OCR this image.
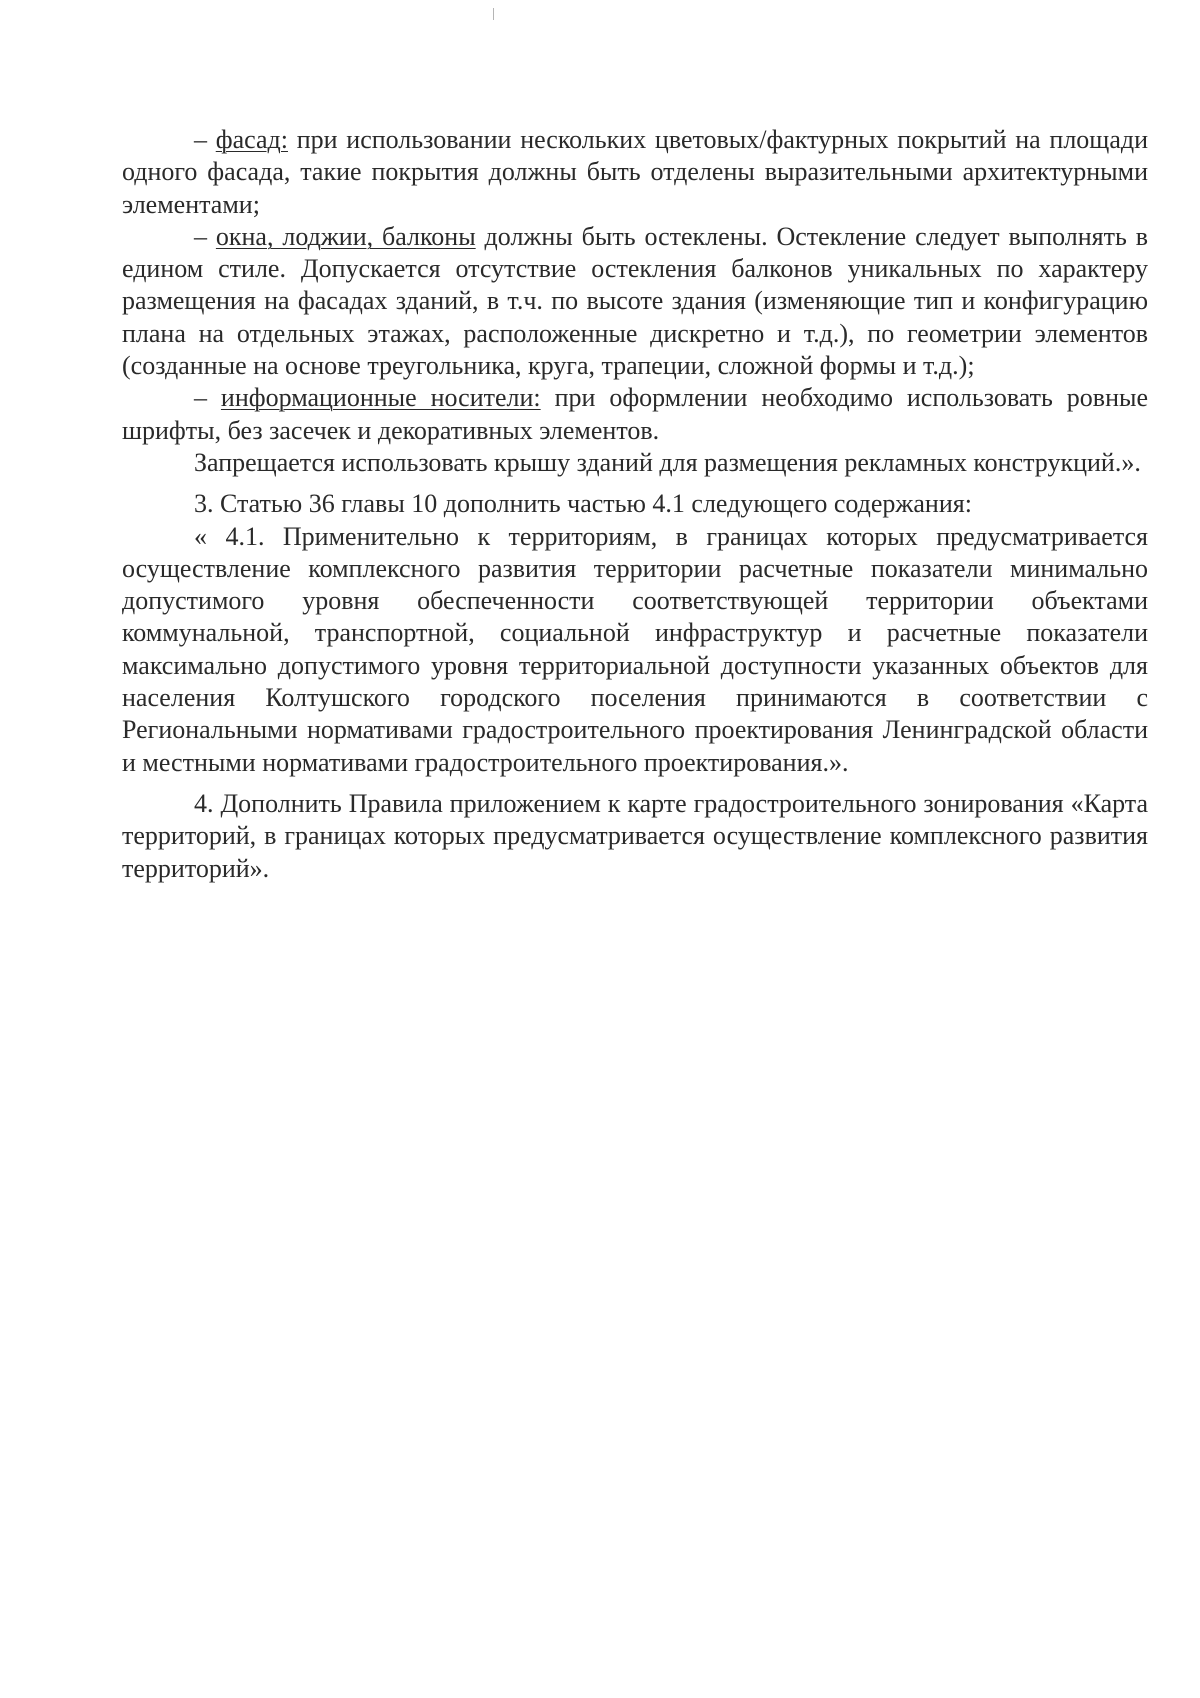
– фасад: при использовании нескольких цветовых/фактурных покрытий на площади одного фасада, такие покрытия должны быть отделены выразительными архитектурными элементами;

– окна, лоджии, балконы должны быть остеклены. Остекление следует выполнять в едином стиле. Допускается отсутствие остекления балконов уникальных по характеру размещения на фасадах зданий, в т.ч. по высоте здания (изменяющие тип и конфигурацию плана на отдельных этажах, расположенные дискретно и т.д.), по геометрии элементов (созданные на основе треугольника, круга, трапеции, сложной формы и т.д.);

– информационные носители: при оформлении необходимо использовать ровные шрифты, без засечек и декоративных элементов.

Запрещается использовать крышу зданий для размещения рекламных конструкций.».

3. Статью 36 главы 10 дополнить частью 4.1 следующего содержания:

« 4.1. Применительно к территориям, в границах которых предусматривается осуществление комплексного развития территории расчетные показатели минимально допустимого уровня обеспеченности соответствующей территории объектами коммунальной, транспортной, социальной инфраструктур и расчетные показатели максимально допустимого уровня территориальной доступности указанных объектов для населения Колтушского городского поселения принимаются в соответствии с Региональными нормативами градостроительного проектирования Ленинградской области и местными нормативами градостроительного проектирования.».

4. Дополнить Правила приложением к карте градостроительного зонирования «Карта территорий, в границах которых предусматривается осуществление комплексного развития территорий».
